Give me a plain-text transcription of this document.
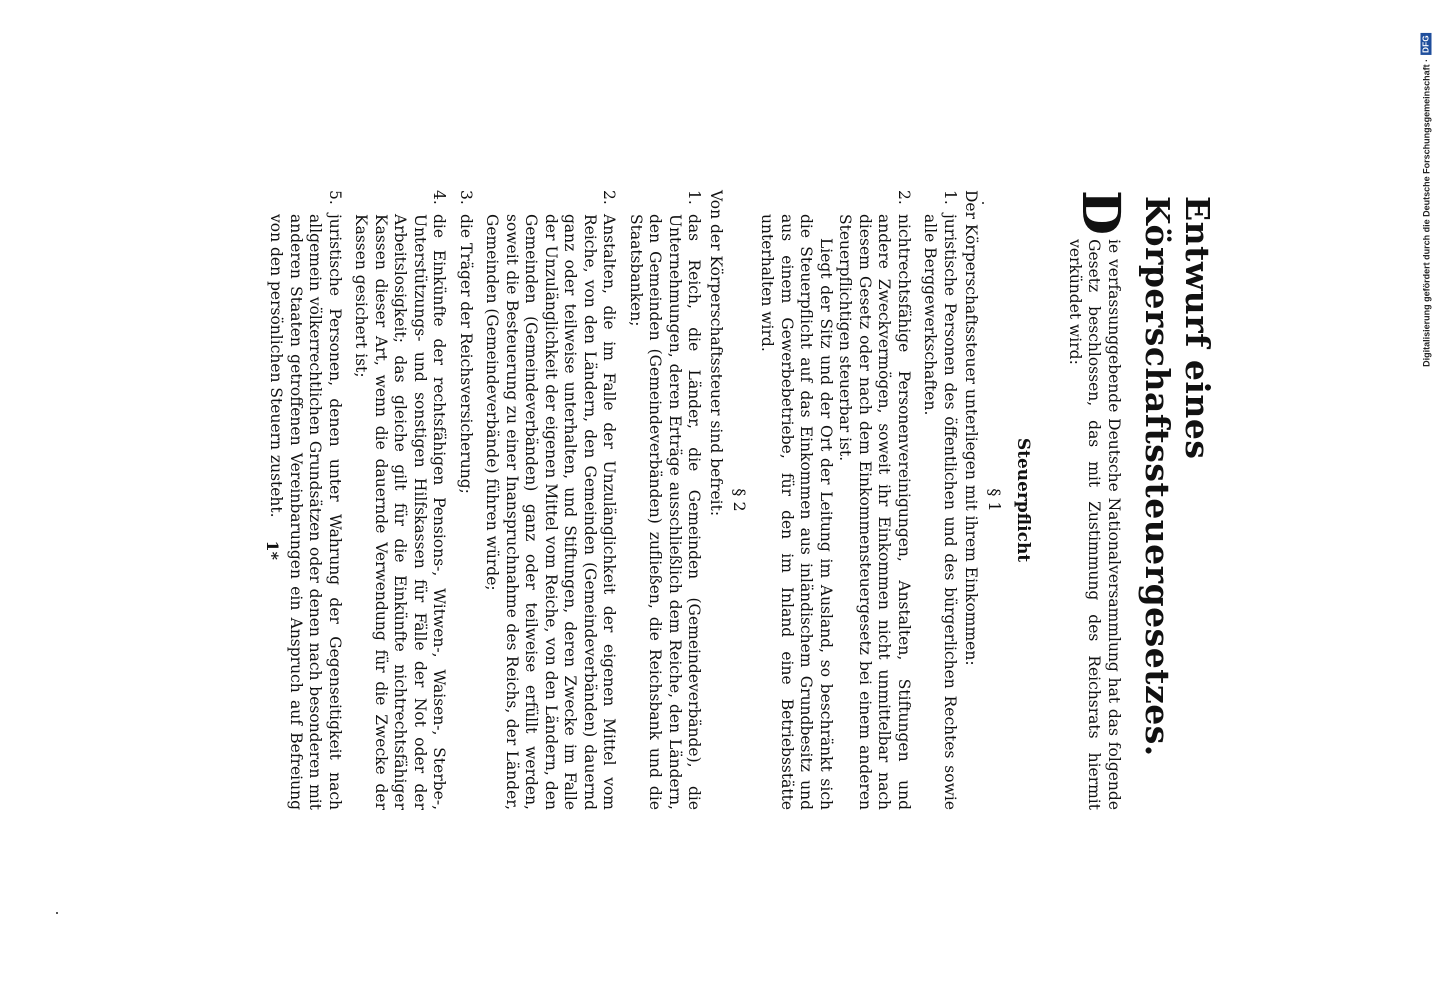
Entwurf eines Körperschaftssteuergesetzes.

D
ie verfassunggebende Deutsche Nationalversammlung hat das folgende Gesetz beschlossen, das mit Zustimmung des Reichsrats hiermit verkündet wird:

Steuerpflicht
§ 1
Der Körperschaftssteuer unterliegen mit ihrem Einkommen:
1.
juristische Personen des öffentlichen und des bürgerlichen Rechtes sowie alle Berggewerkschaften.
2.
nichtrechtsfähige Personenvereinigungen, Anstalten, Stiftungen und andere Zweckvermögen, soweit ihr Einkommen nicht unmittelbar nach diesem Gesetz oder nach dem Einkommensteuergesetz bei einem anderen Steuerpflichtigen steuerbar ist.
Liegt der Sitz und der Ort der Leitung im Ausland, so beschränkt sich die Steuerpflicht auf das Einkommen aus inländischem Grundbesitz und aus einem Gewerbebetriebe, für den im Inland eine Betriebsstätte unterhalten wird.
§ 2
Von der Körperschaftssteuer sind befreit:
1.
das Reich, die Länder, die Gemeinden (Gemeindeverbände), die Unternehmungen, deren Erträge ausschließlich dem Reiche, den Ländern, den Gemeinden (Gemeindeverbänden) zufließen, die Reichsbank und die Staatsbanken;
2.
Anstalten, die im Falle der Unzulänglichkeit der eigenen Mittel vom Reiche, von den Ländern, den Gemeinden (Gemeindeverbänden) dauernd ganz oder teilweise unterhalten, und Stiftungen, deren Zwecke im Falle der Unzulänglichkeit der eigenen Mittel vom Reiche, von den Ländern, den Gemeinden (Gemeindeverbänden) ganz oder teilweise erfüllt werden, soweit die Besteuerung zu einer Inanspruchnahme des Reichs, der Länder, Gemeinden (Gemeindeverbände) führen würde;
3.
die Träger der Reichsversicherung;
4.
die Einkünfte der rechtsfähigen Pensions-, Witwen-, Waisen-, Sterbe-, Unterstützungs- und sonstigen Hilfskassen für Fälle der Not oder der Arbeitslosigkeit; das gleiche gilt für die Einkünfte nichtrechtsfähiger Kassen dieser Art, wenn die dauernde Verwendung für die Zwecke der Kassen gesichert ist;
5.
juristische Personen, denen unter Wahrung der Gegenseitigkeit nach allgemein völkerrechtlichen Grundsätzen oder denen nach besonderen mit anderen Staaten getroffenen Vereinbarungen ein Anspruch auf Befreiung von den persönlichen Steuern zusteht.
1*
Digitalisierung gefördert durch die Deutsche Forschungsgemeinschaft ·
DFG
